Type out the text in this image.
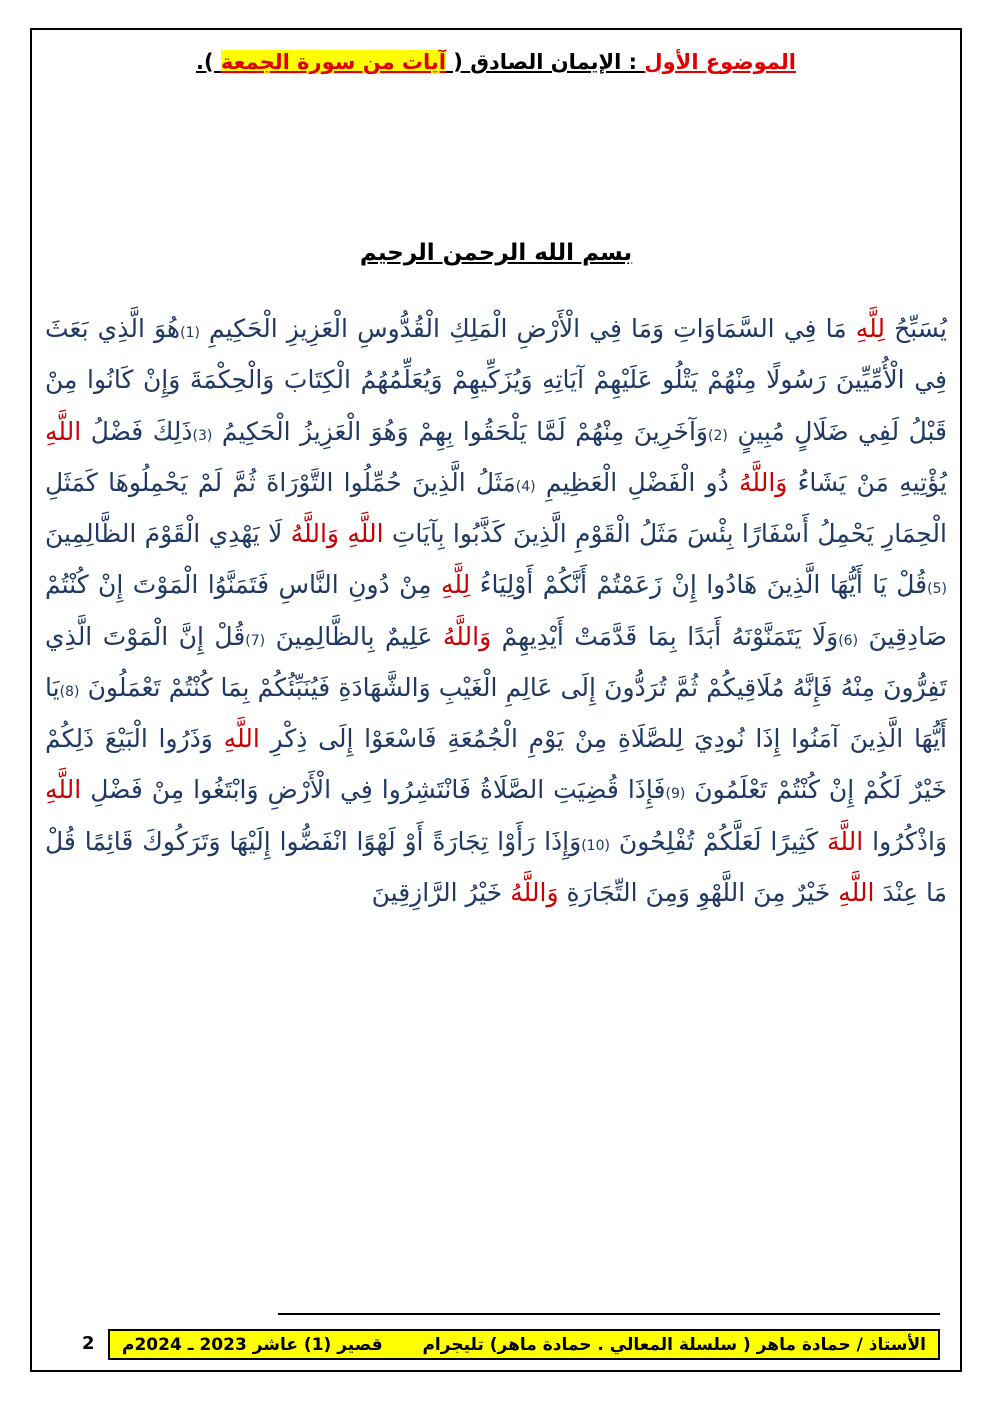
الموضوع الأول : الإيمان الصادق ( آيات من سورة الجمعة ).
بسم الله الرحمن الرحيم

يُسَبِّحُ لِلَّهِ مَا فِي السَّمَاوَاتِ وَمَا فِي الْأَرْضِ الْمَلِكِ الْقُدُّوسِ الْعَزِيزِ الْحَكِيمِ (1)هُوَ الَّذِي بَعَثَ فِي الْأُمِّيِّينَ رَسُولًا مِنْهُمْ يَتْلُو عَلَيْهِمْ آيَاتِهِ وَيُزَكِّيهِمْ وَيُعَلِّمُهُمُ الْكِتَابَ وَالْحِكْمَةَ وَإِنْ كَانُوا مِنْ قَبْلُ لَفِي ضَلَالٍ مُبِينٍ (2)وَآخَرِينَ مِنْهُمْ لَمَّا يَلْحَقُوا بِهِمْ وَهُوَ الْعَزِيزُ الْحَكِيمُ (3)ذَلِكَ فَضْلُ اللَّهِ يُؤْتِيهِ مَنْ يَشَاءُ وَاللَّهُ ذُو الْفَضْلِ الْعَظِيمِ (4)مَثَلُ الَّذِينَ حُمِّلُوا التَّوْرَاةَ ثُمَّ لَمْ يَحْمِلُوهَا كَمَثَلِ الْحِمَارِ يَحْمِلُ أَسْفَارًا بِئْسَ مَثَلُ الْقَوْمِ الَّذِينَ كَذَّبُوا بِآيَاتِ اللَّهِ وَاللَّهُ لَا يَهْدِي الْقَوْمَ الظَّالِمِينَ (5)قُلْ يَا أَيُّهَا الَّذِينَ هَادُوا إِنْ زَعَمْتُمْ أَنَّكُمْ أَوْلِيَاءُ لِلَّهِ مِنْ دُونِ النَّاسِ فَتَمَنَّوُا الْمَوْتَ إِنْ كُنْتُمْ صَادِقِينَ (6)وَلَا يَتَمَنَّوْنَهُ أَبَدًا بِمَا قَدَّمَتْ أَيْدِيهِمْ وَاللَّهُ عَلِيمٌ بِالظَّالِمِينَ (7)قُلْ إِنَّ الْمَوْتَ الَّذِي تَفِرُّونَ مِنْهُ فَإِنَّهُ مُلَاقِيكُمْ ثُمَّ تُرَدُّونَ إِلَى عَالِمِ الْغَيْبِ وَالشَّهَادَةِ فَيُنَبِّئُكُمْ بِمَا كُنْتُمْ تَعْمَلُونَ (8)يَا أَيُّهَا الَّذِينَ آمَنُوا إِذَا نُودِيَ لِلصَّلَاةِ مِنْ يَوْمِ الْجُمُعَةِ فَاسْعَوْا إِلَى ذِكْرِ اللَّهِ وَذَرُوا الْبَيْعَ ذَلِكُمْ خَيْرٌ لَكُمْ إِنْ كُنْتُمْ تَعْلَمُونَ (9)فَإِذَا قُضِيَتِ الصَّلَاةُ فَانْتَشِرُوا فِي الْأَرْضِ وَابْتَغُوا مِنْ فَضْلِ اللَّهِ وَاذْكُرُوا اللَّهَ كَثِيرًا لَعَلَّكُمْ تُفْلِحُونَ (10)وَإِذَا رَأَوْا تِجَارَةً أَوْ لَهْوًا انْفَضُّوا إِلَيْهَا وَتَرَكُوكَ قَائِمًا قُلْ مَا عِنْدَ اللَّهِ خَيْرٌ مِنَ اللَّهْوِ وَمِنَ التِّجَارَةِ وَاللَّهُ خَيْرُ الرَّازِقِينَ

الأستاذ / حمادة ماهر ( سلسلة المعالي . حمادة ماهر) تليجرام
قصير (1) عاشر 2023 ـ 2024م
2
